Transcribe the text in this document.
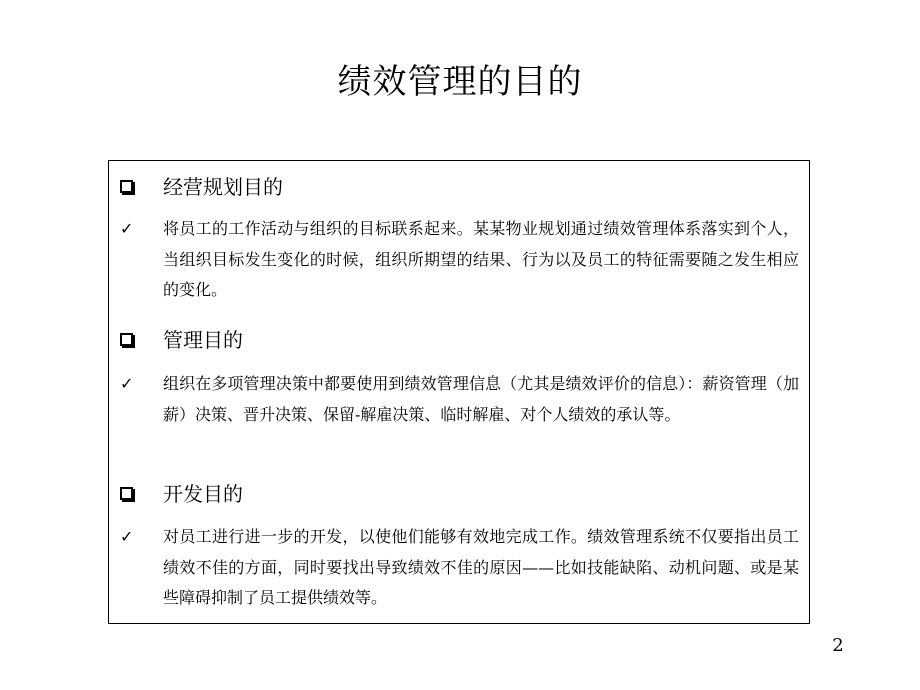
绩效管理的目的
经营规划目的
✓ 将员工的工作活动与组织的目标联系起来。某某物业规划通过绩效管理体系落实到个人，当组织目标发生变化的时候，组织所期望的结果、行为以及员工的特征需要随之发生相应的变化。
管理目的
✓ 组织在多项管理决策中都要使用到绩效管理信息（尤其是绩效评价的信息）：薪资管理（加薪）决策、晋升决策、保留-解雇决策、临时解雇、对个人绩效的承认等。
开发目的
✓ 对员工进行进一步的开发，以使他们能够有效地完成工作。绩效管理系统不仅要指出员工绩效不佳的方面，同时要找出导致绩效不佳的原因——比如技能缺陷、动机问题、或是某些障碍抑制了员工提供绩效等。
2
